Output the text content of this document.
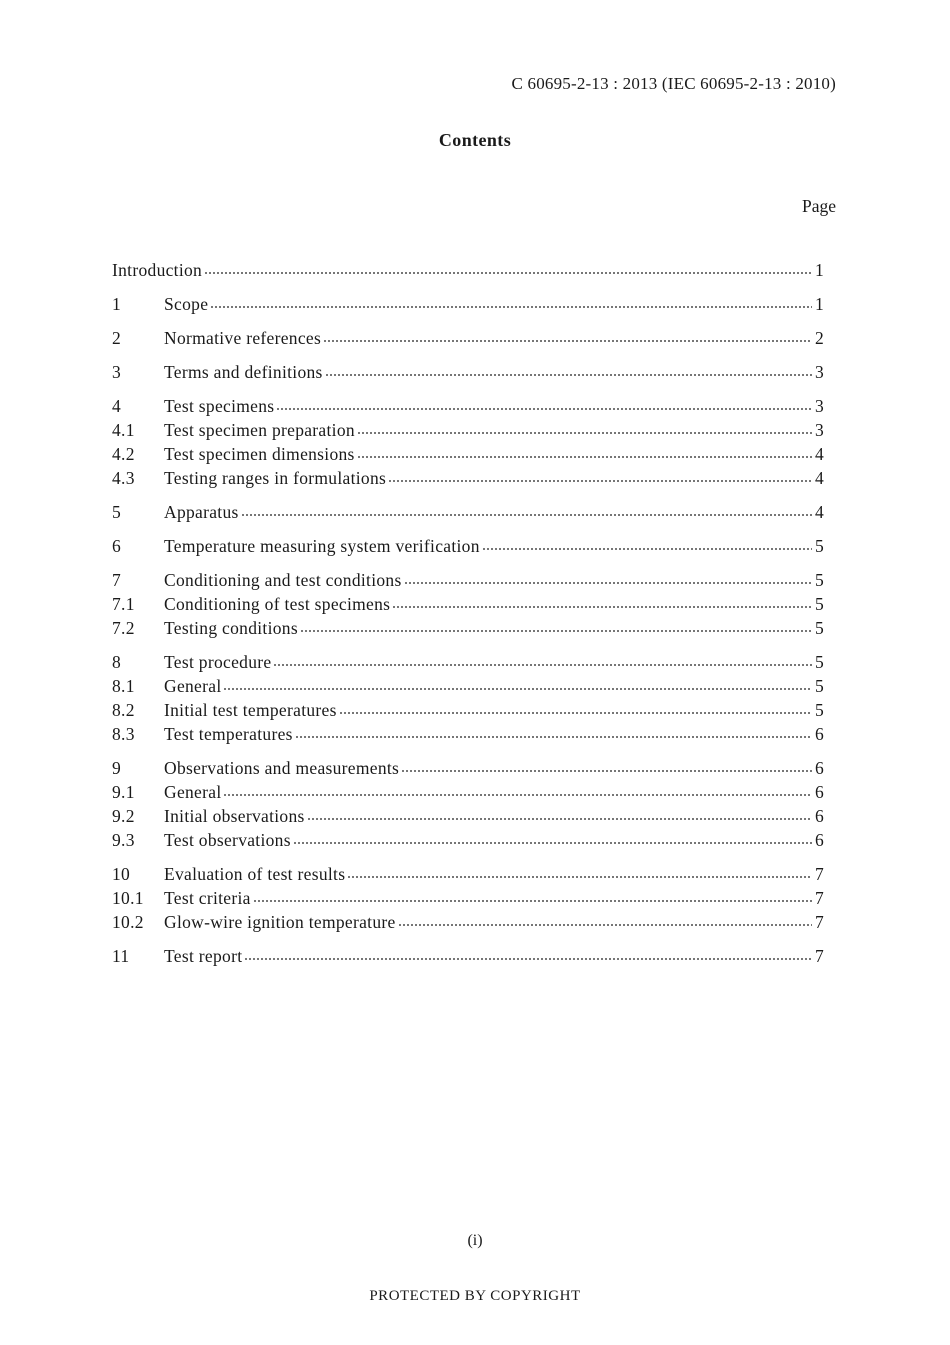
C 60695-2-13 : 2013 (IEC 60695-2-13 : 2010)
Contents
Page
Introduction	1
1	Scope	1
2	Normative references	2
3	Terms and definitions	3
4	Test specimens	3
4.1	Test specimen preparation	3
4.2	Test specimen dimensions	4
4.3	Testing ranges in formulations	4
5	Apparatus	4
6	Temperature measuring system verification	5
7	Conditioning and test conditions	5
7.1	Conditioning of test specimens	5
7.2	Testing conditions	5
8	Test procedure	5
8.1	General	5
8.2	Initial test temperatures	5
8.3	Test temperatures	6
9	Observations and measurements	6
9.1	General	6
9.2	Initial observations	6
9.3	Test observations	6
10	Evaluation of test results	7
10.1	Test criteria	7
10.2	Glow-wire ignition temperature	7
11	Test report	7
(i)
PROTECTED BY COPYRIGHT
